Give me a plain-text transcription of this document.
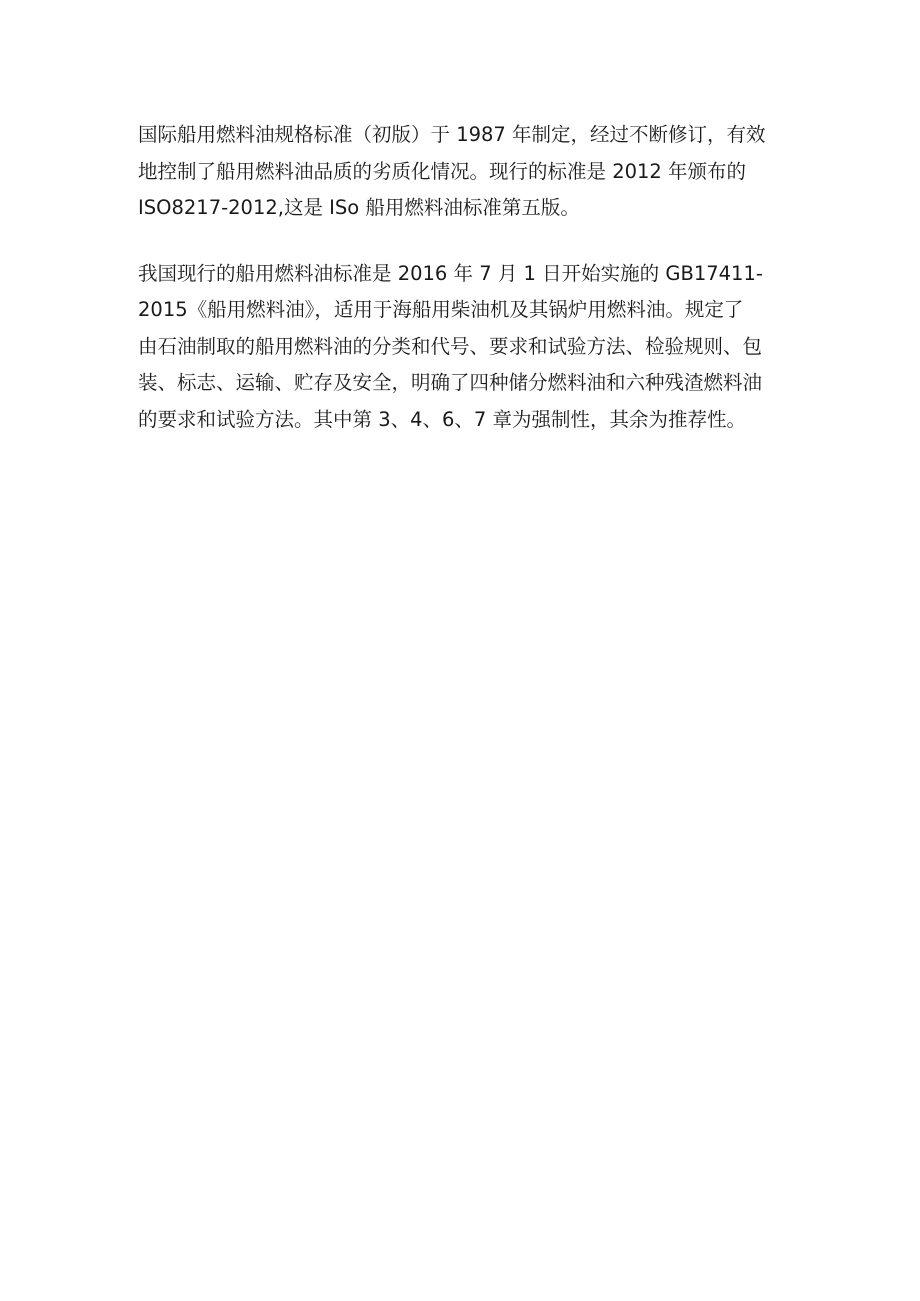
国际船用燃料油规格标准（初版）于 1987 年制定，经过不断修订，有效
地控制了船用燃料油品质的劣质化情况。现行的标准是 2012 年颁布的
ISO8217-2012,这是 ISo 船用燃料油标准第五版。

我国现行的船用燃料油标准是 2016 年 7 月 1 日开始实施的 GB17411-
2015《船用燃料油》，适用于海船用柴油机及其锅炉用燃料油。规定了
由石油制取的船用燃料油的分类和代号、要求和试验方法、检验规则、包
装、标志、运输、贮存及安全，明确了四种储分燃料油和六种残渣燃料油
的要求和试验方法。其中第 3、4、6、7 章为强制性，其余为推荐性。
